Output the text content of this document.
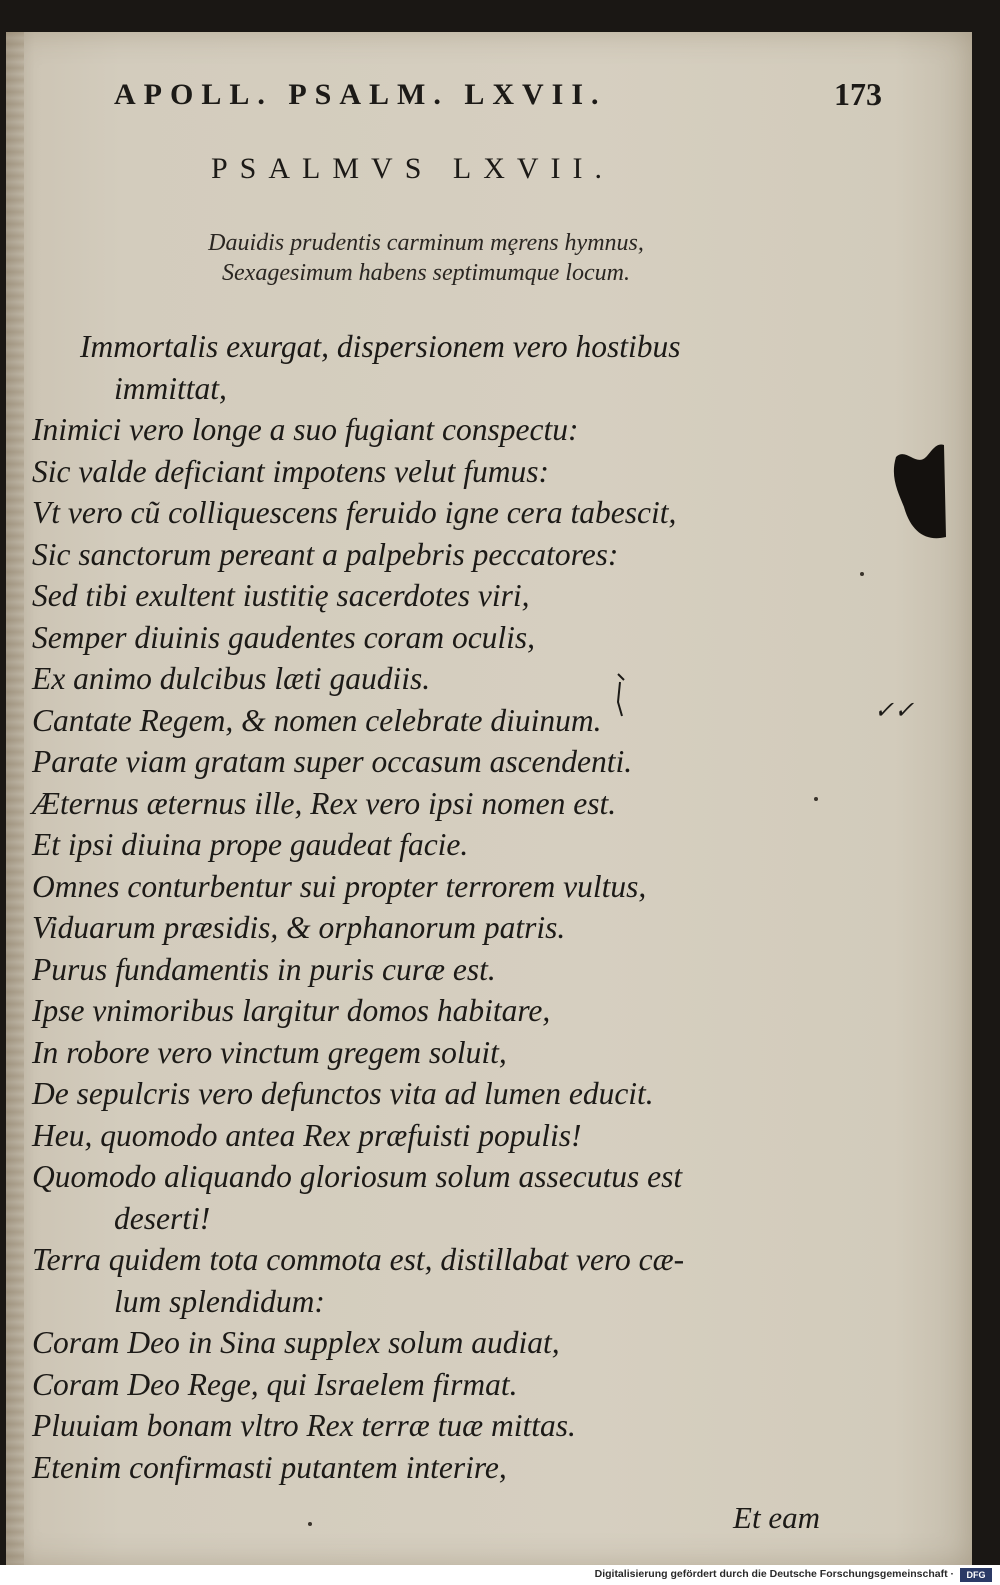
APOLL. PSALM. LXVII.	173
PSALMVS LXVII.
Dauidis prudentis carminum mȩrens hymnus,
Sexagesimum habens septimumque locum.
Immortalis exurgat, dispersionem vero hostibus
immittat,
Inimici vero longe a suo fugiant conspectu:
Sic valde deficiant impotens velut fumus:
Vt vero cũ colliquescens feruido igne cera tabescit,
Sic sanctorum pereant a palpebris peccatores:
Sed tibi exultent iustitię sacerdotes viri,
Semper diuinis gaudentes coram oculis,
Ex animo dulcibus læti gaudiis.
Cantate Regem, & nomen celebrate diuinum.
Parate viam gratam super occasum ascendenti.
Æternus æternus ille, Rex vero ipsi nomen est.
Et ipsi diuina prope gaudeat facie.
Omnes conturbentur sui propter terrorem vultus,
Viduarum præsidis, & orphanorum patris.
Purus fundamentis in puris curæ est.
Ipse vnimoribus largitur domos habitare,
In robore vero vinctum gregem soluit,
De sepulcris vero defunctos vita ad lumen educit.
Heu, quomodo antea Rex præfuisti populis!
Quomodo aliquando gloriosum solum assecutus est
deserti!
Terra quidem tota commota est, distillabat vero cæ-
lum splendidum:
Coram Deo in Sina supplex solum audiat,
Coram Deo Rege, qui Israelem firmat.
Pluuiam bonam vltro Rex terræ tuæ mittas.
Etenim confirmasti putantem interire,
✓✓
Et eam
Digitalisierung gefördert durch die Deutsche Forschungsgemeinschaft ·	DFG
